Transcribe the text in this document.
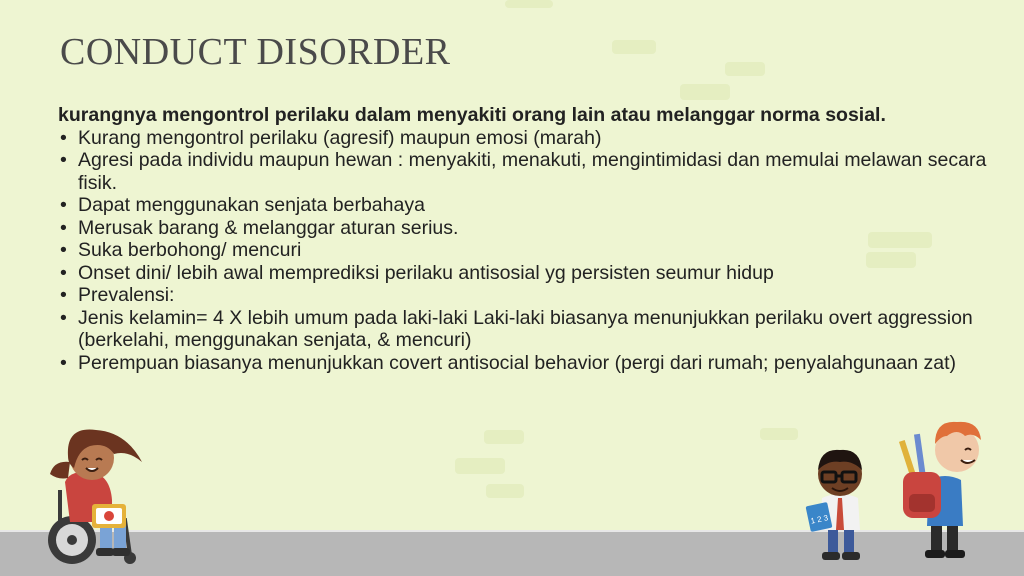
CONDUCT DISORDER

kurangnya mengontrol perilaku dalam menyakiti orang lain atau melanggar norma sosial.

• Kurang mengontrol perilaku (agresif) maupun emosi (marah)
• Agresi pada individu maupun hewan : menyakiti, menakuti, mengintimidasi dan memulai melawan secara fisik.
• Dapat menggunakan senjata berbahaya
• Merusak barang & melanggar aturan serius.
• Suka berbohong/ mencuri
• Onset dini/ lebih awal memprediksi perilaku antisosial yg persisten seumur hidup
• Prevalensi:
• Jenis kelamin= 4 X lebih umum pada laki-laki Laki-laki biasanya menunjukkan perilaku overt aggression (berkelahi, menggunakan senjata, & mencuri)
• Perempuan biasanya menunjukkan covert antisocial behavior (pergi dari rumah; penyalahgunaan zat)
1 2 3
